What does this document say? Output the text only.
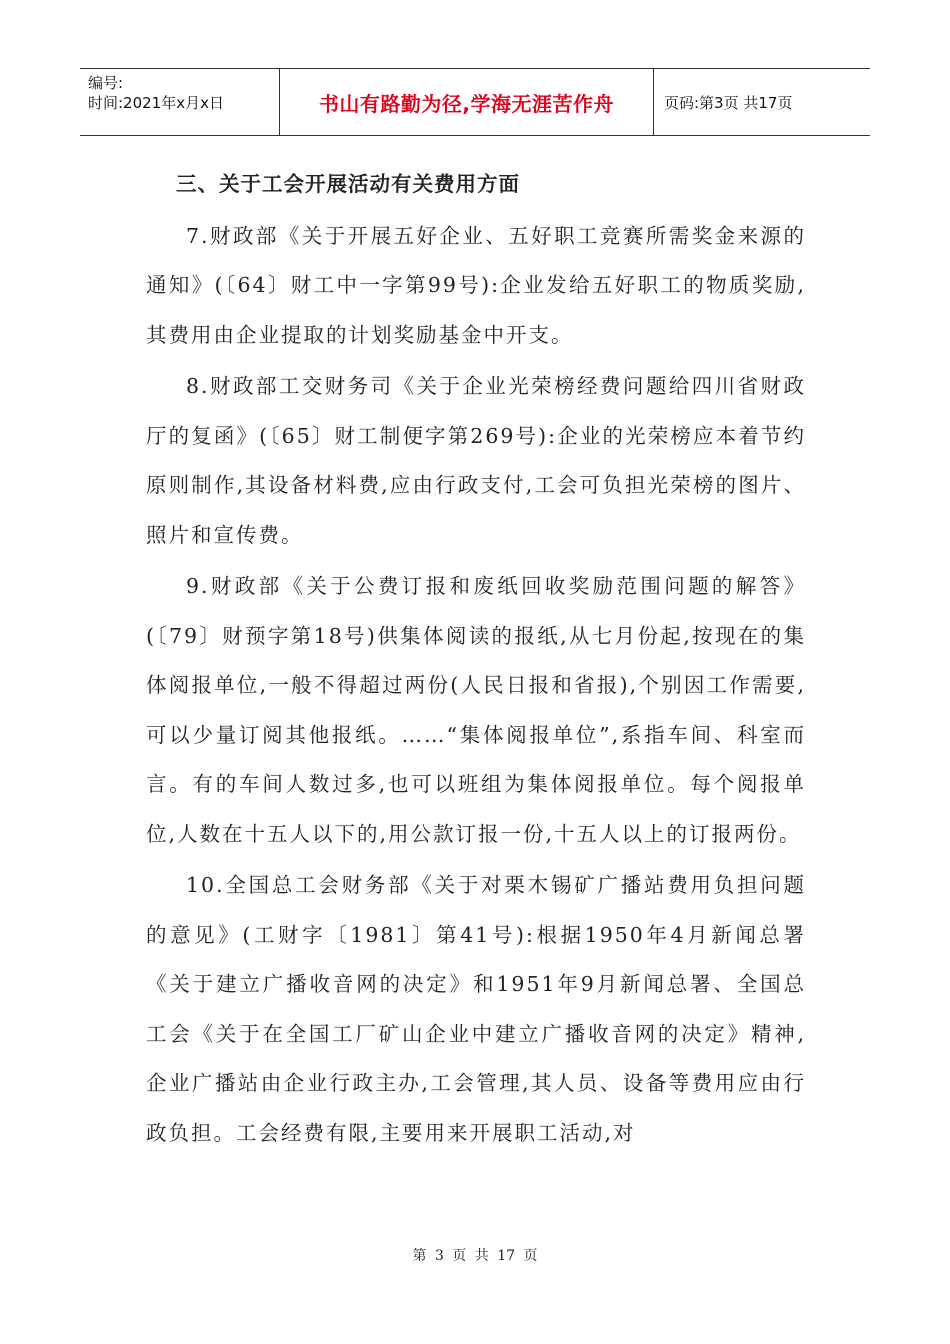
编号:
时间:2021年x月x日	书山有路勤为径,学海无涯苦作舟	页码:第3页 共17页
三、关于工会开展活动有关费用方面

7.财政部《关于开展五好企业、五好职工竞赛所需奖金来源的通知》(〔64〕财工中一字第99号):企业发给五好职工的物质奖励,其费用由企业提取的计划奖励基金中开支。

8.财政部工交财务司《关于企业光荣榜经费问题给四川省财政厅的复函》(〔65〕财工制便字第269号):企业的光荣榜应本着节约原则制作,其设备材料费,应由行政支付,工会可负担光荣榜的图片、照片和宣传费。

9.财政部《关于公费订报和废纸回收奖励范围问题的解答》(〔79〕财预字第18号)供集体阅读的报纸,从七月份起,按现在的集体阅报单位,一般不得超过两份(人民日报和省报),个别因工作需要,可以少量订阅其他报纸。……“集体阅报单位”,系指车间、科室而言。有的车间人数过多,也可以班组为集体阅报单位。每个阅报单位,人数在十五人以下的,用公款订报一份,十五人以上的订报两份。

10.全国总工会财务部《关于对栗木锡矿广播站费用负担问题的意见》(工财字〔1981〕第41号):根据1950年4月新闻总署《关于建立广播收音网的决定》和1951年9月新闻总署、全国总工会《关于在全国工厂矿山企业中建立广播收音网的决定》精神,企业广播站由企业行政主办,工会管理,其人员、设备等费用应由行政负担。工会经费有限,主要用来开展职工活动,对

第 3 页 共 17 页
